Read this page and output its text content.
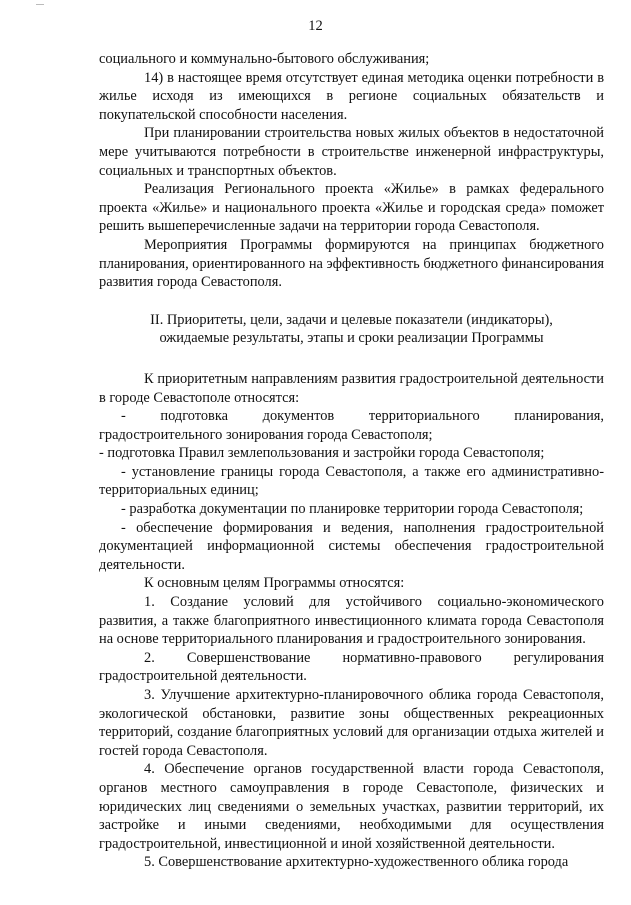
12

социального и коммунально-бытового обслуживания;

14) в настоящее время отсутствует единая методика оценки потребности в жилье исходя из имеющихся в регионе социальных обязательств и покупательской способности населения.

При планировании строительства новых жилых объектов в недостаточной мере учитываются потребности в строительстве инженерной инфраструктуры, социальных и транспортных объектов.

Реализация Регионального проекта «Жилье» в рамках федерального проекта «Жилье» и национального проекта «Жилье и городская среда» поможет решить вышеперечисленные задачи на территории города Севастополя.

Мероприятия Программы формируются на принципах бюджетного планирования, ориентированного на эффективность бюджетного финансирования развития города Севастополя.

II. Приоритеты, цели, задачи и целевые показатели (индикаторы),
ожидаемые результаты, этапы и сроки реализации Программы

К приоритетным направлениям развития градостроительной деятельности в городе Севастополе относятся:

- подготовка документов территориального планирования, градостроительного зонирования города Севастополя;

- подготовка Правил землепользования и застройки города Севастополя;

- установление границы города Севастополя, а также его административно-территориальных единиц;

- разработка документации по планировке территории города Севастополя;

- обеспечение формирования и ведения, наполнения градостроительной документацией информационной системы обеспечения градостроительной деятельности.

К основным целям Программы относятся:

1. Создание условий для устойчивого социально-экономического развития, а также благоприятного инвестиционного климата города Севастополя на основе территориального планирования и градостроительного зонирования.

2. Совершенствование нормативно-правового регулирования градостроительной деятельности.

3. Улучшение архитектурно-планировочного облика города Севастополя, экологической обстановки, развитие зоны общественных рекреационных территорий, создание благоприятных условий для организации отдыха жителей и гостей города Севастополя.

4. Обеспечение органов государственной власти города Севастополя, органов местного самоуправления в городе Севастополе, физических и юридических лиц сведениями о земельных участках, развитии территорий, их застройке и иными сведениями, необходимыми для осуществления градостроительной, инвестиционной и иной хозяйственной деятельности.

5. Совершенствование архитектурно-художественного облика города
